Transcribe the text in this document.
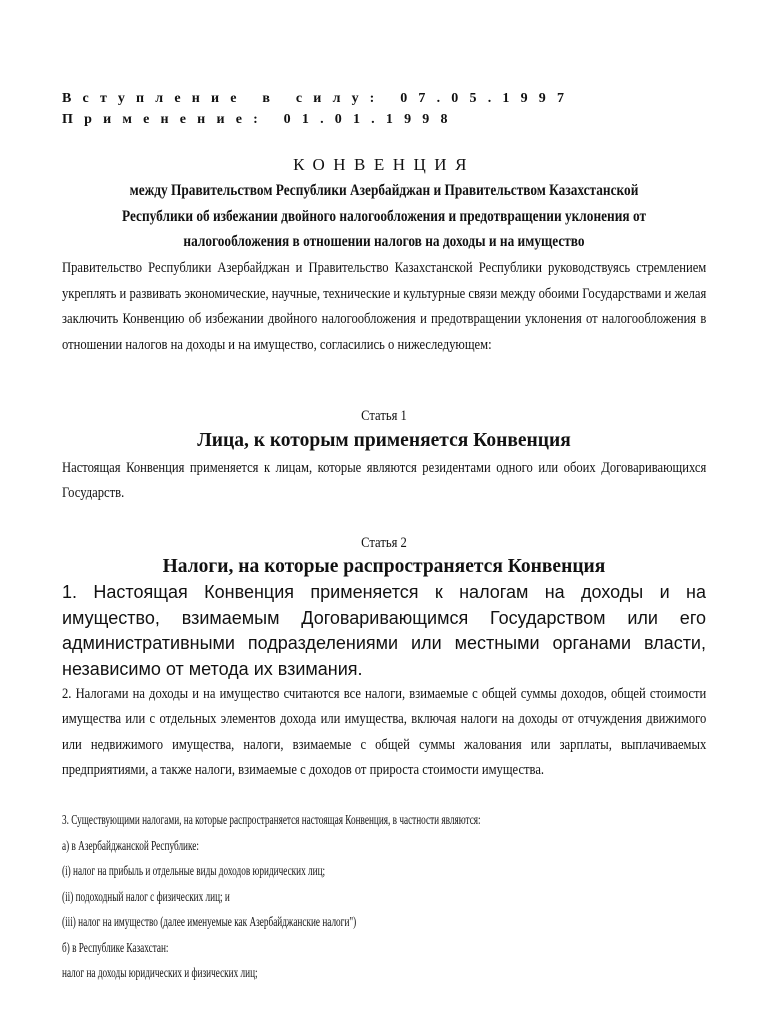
Вступление в силу: 07.05.1997
Применение: 01.01.1998
КОНВЕНЦИЯ
между Правительством Республики Азербайджан и Правительством Казахстанской Республики об избежании двойного налогообложения и предотвращении уклонения от налогообложения в отношении налогов на доходы и на имущество
Правительство Республики Азербайджан и Правительство Казахстанской Республики руководствуясь стремлением укреплять и развивать экономические, научные, технические и культурные связи между обоими Государствами и желая заключить Конвенцию об избежании двойного налогообложения и предотвращении уклонения от налогообложения в отношении налогов на доходы и на имущество, согласились о нижеследующем:
Статья 1
Лица, к которым применяется Конвенция
Настоящая Конвенция применяется к лицам, которые являются резидентами одного или обоих Договаривающихся Государств.
Статья 2
Налоги, на которые распространяется Конвенция
1. Настоящая Конвенция применяется к налогам на доходы и на имущество, взимаемым Договаривающимся Государством или его административными подразделениями или местными органами власти, независимо от метода их взимания.
2. Налогами на доходы и на имущество считаются все налоги, взимаемые с общей суммы доходов, общей стоимости имущества или с отдельных элементов дохода или имущества, включая налоги на доходы от отчуждения движимого или недвижимого имущества, налоги, взимаемые с общей суммы жалования или зарплаты, выплачиваемых предприятиями, а также налоги, взимаемые с доходов от прироста стоимости имущества.
3. Существующими налогами, на которые распространяется настоящая Конвенция, в частности являются:
а) в Азербайджанской Республике:
(i) налог на прибыль и отдельные виды доходов юридических лиц;
(ii) подоходный налог с физических лиц; и
(iii) налог на имущество (далее именуемые как Азербайджанские налоги")
б) в Республике Казахстан:
налог на доходы юридических и физических лиц;
